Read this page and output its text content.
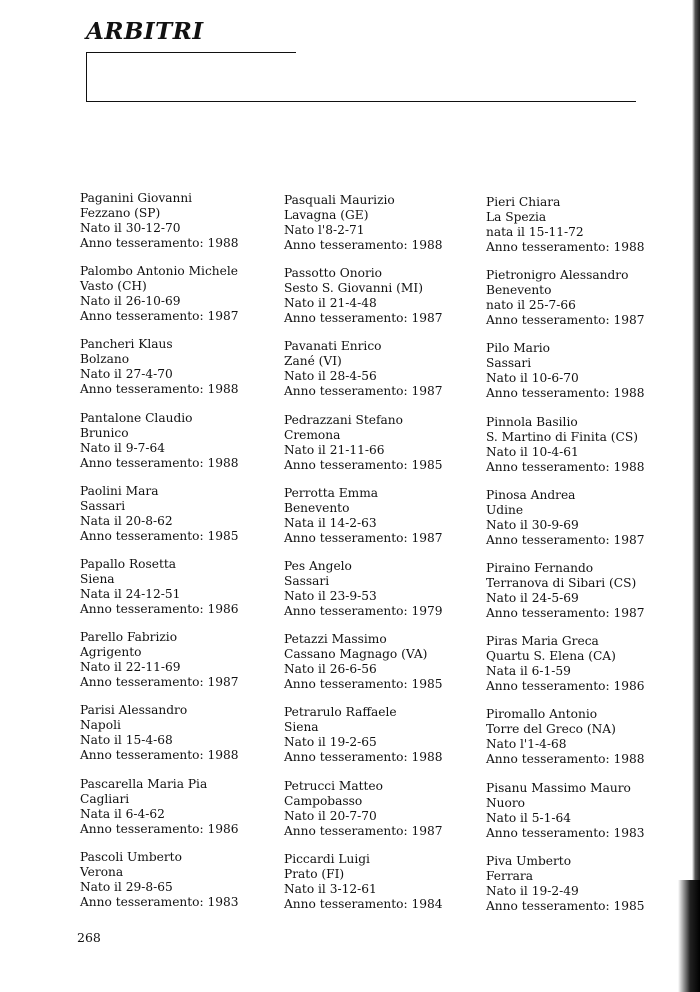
ARBITRI
Paganini Giovanni
Fezzano (SP)
Nato il 30-12-70
Anno tesseramento: 1988
Palombo Antonio Michele
Vasto (CH)
Nato il 26-10-69
Anno tesseramento: 1987
Pancheri Klaus
Bolzano
Nato il 27-4-70
Anno tesseramento: 1988
Pantalone Claudio
Brunico
Nato il 9-7-64
Anno tesseramento: 1988
Paolini Mara
Sassari
Nata il 20-8-62
Anno tesseramento: 1985
Papallo Rosetta
Siena
Nata il 24-12-51
Anno tesseramento: 1986
Parello Fabrizio
Agrigento
Nato il 22-11-69
Anno tesseramento: 1987
Parisi Alessandro
Napoli
Nato il 15-4-68
Anno tesseramento: 1988
Pascarella Maria Pia
Cagliari
Nata il 6-4-62
Anno tesseramento: 1986
Pascoli Umberto
Verona
Nato il 29-8-65
Anno tesseramento: 1983
Pasquali Maurizio
Lavagna (GE)
Nato l'8-2-71
Anno tesseramento: 1988
Passotto Onorio
Sesto S. Giovanni (MI)
Nato il 21-4-48
Anno tesseramento: 1987
Pavanati Enrico
Zané (VI)
Nato il 28-4-56
Anno tesseramento: 1987
Pedrazzani Stefano
Cremona
Nato il 21-11-66
Anno tesseramento: 1985
Perrotta Emma
Benevento
Nata il 14-2-63
Anno tesseramento: 1987
Pes Angelo
Sassari
Nato il 23-9-53
Anno tesseramento: 1979
Petazzi Massimo
Cassano Magnago (VA)
Nato il 26-6-56
Anno tesseramento: 1985
Petrarulo Raffaele
Siena
Nato il 19-2-65
Anno tesseramento: 1988
Petrucci Matteo
Campobasso
Nato il 20-7-70
Anno tesseramento: 1987
Piccardi Luigi
Prato (FI)
Nato il 3-12-61
Anno tesseramento: 1984
Pieri Chiara
La Spezia
nata il 15-11-72
Anno tesseramento: 1988
Pietronigro Alessandro
Benevento
nato il 25-7-66
Anno tesseramento: 1987
Pilo Mario
Sassari
Nato il 10-6-70
Anno tesseramento: 1988
Pinnola Basilio
S. Martino di Finita (CS)
Nato il 10-4-61
Anno tesseramento: 1988
Pinosa Andrea
Udine
Nato il 30-9-69
Anno tesseramento: 1987
Piraino Fernando
Terranova di Sibari (CS)
Nato il 24-5-69
Anno tesseramento: 1987
Piras Maria Greca
Quartu S. Elena (CA)
Nata il 6-1-59
Anno tesseramento: 1986
Piromallo Antonio
Torre del Greco (NA)
Nato l'1-4-68
Anno tesseramento: 1988
Pisanu Massimo Mauro
Nuoro
Nato il 5-1-64
Anno tesseramento: 1983
Piva Umberto
Ferrara
Nato il 19-2-49
Anno tesseramento: 1985
268
